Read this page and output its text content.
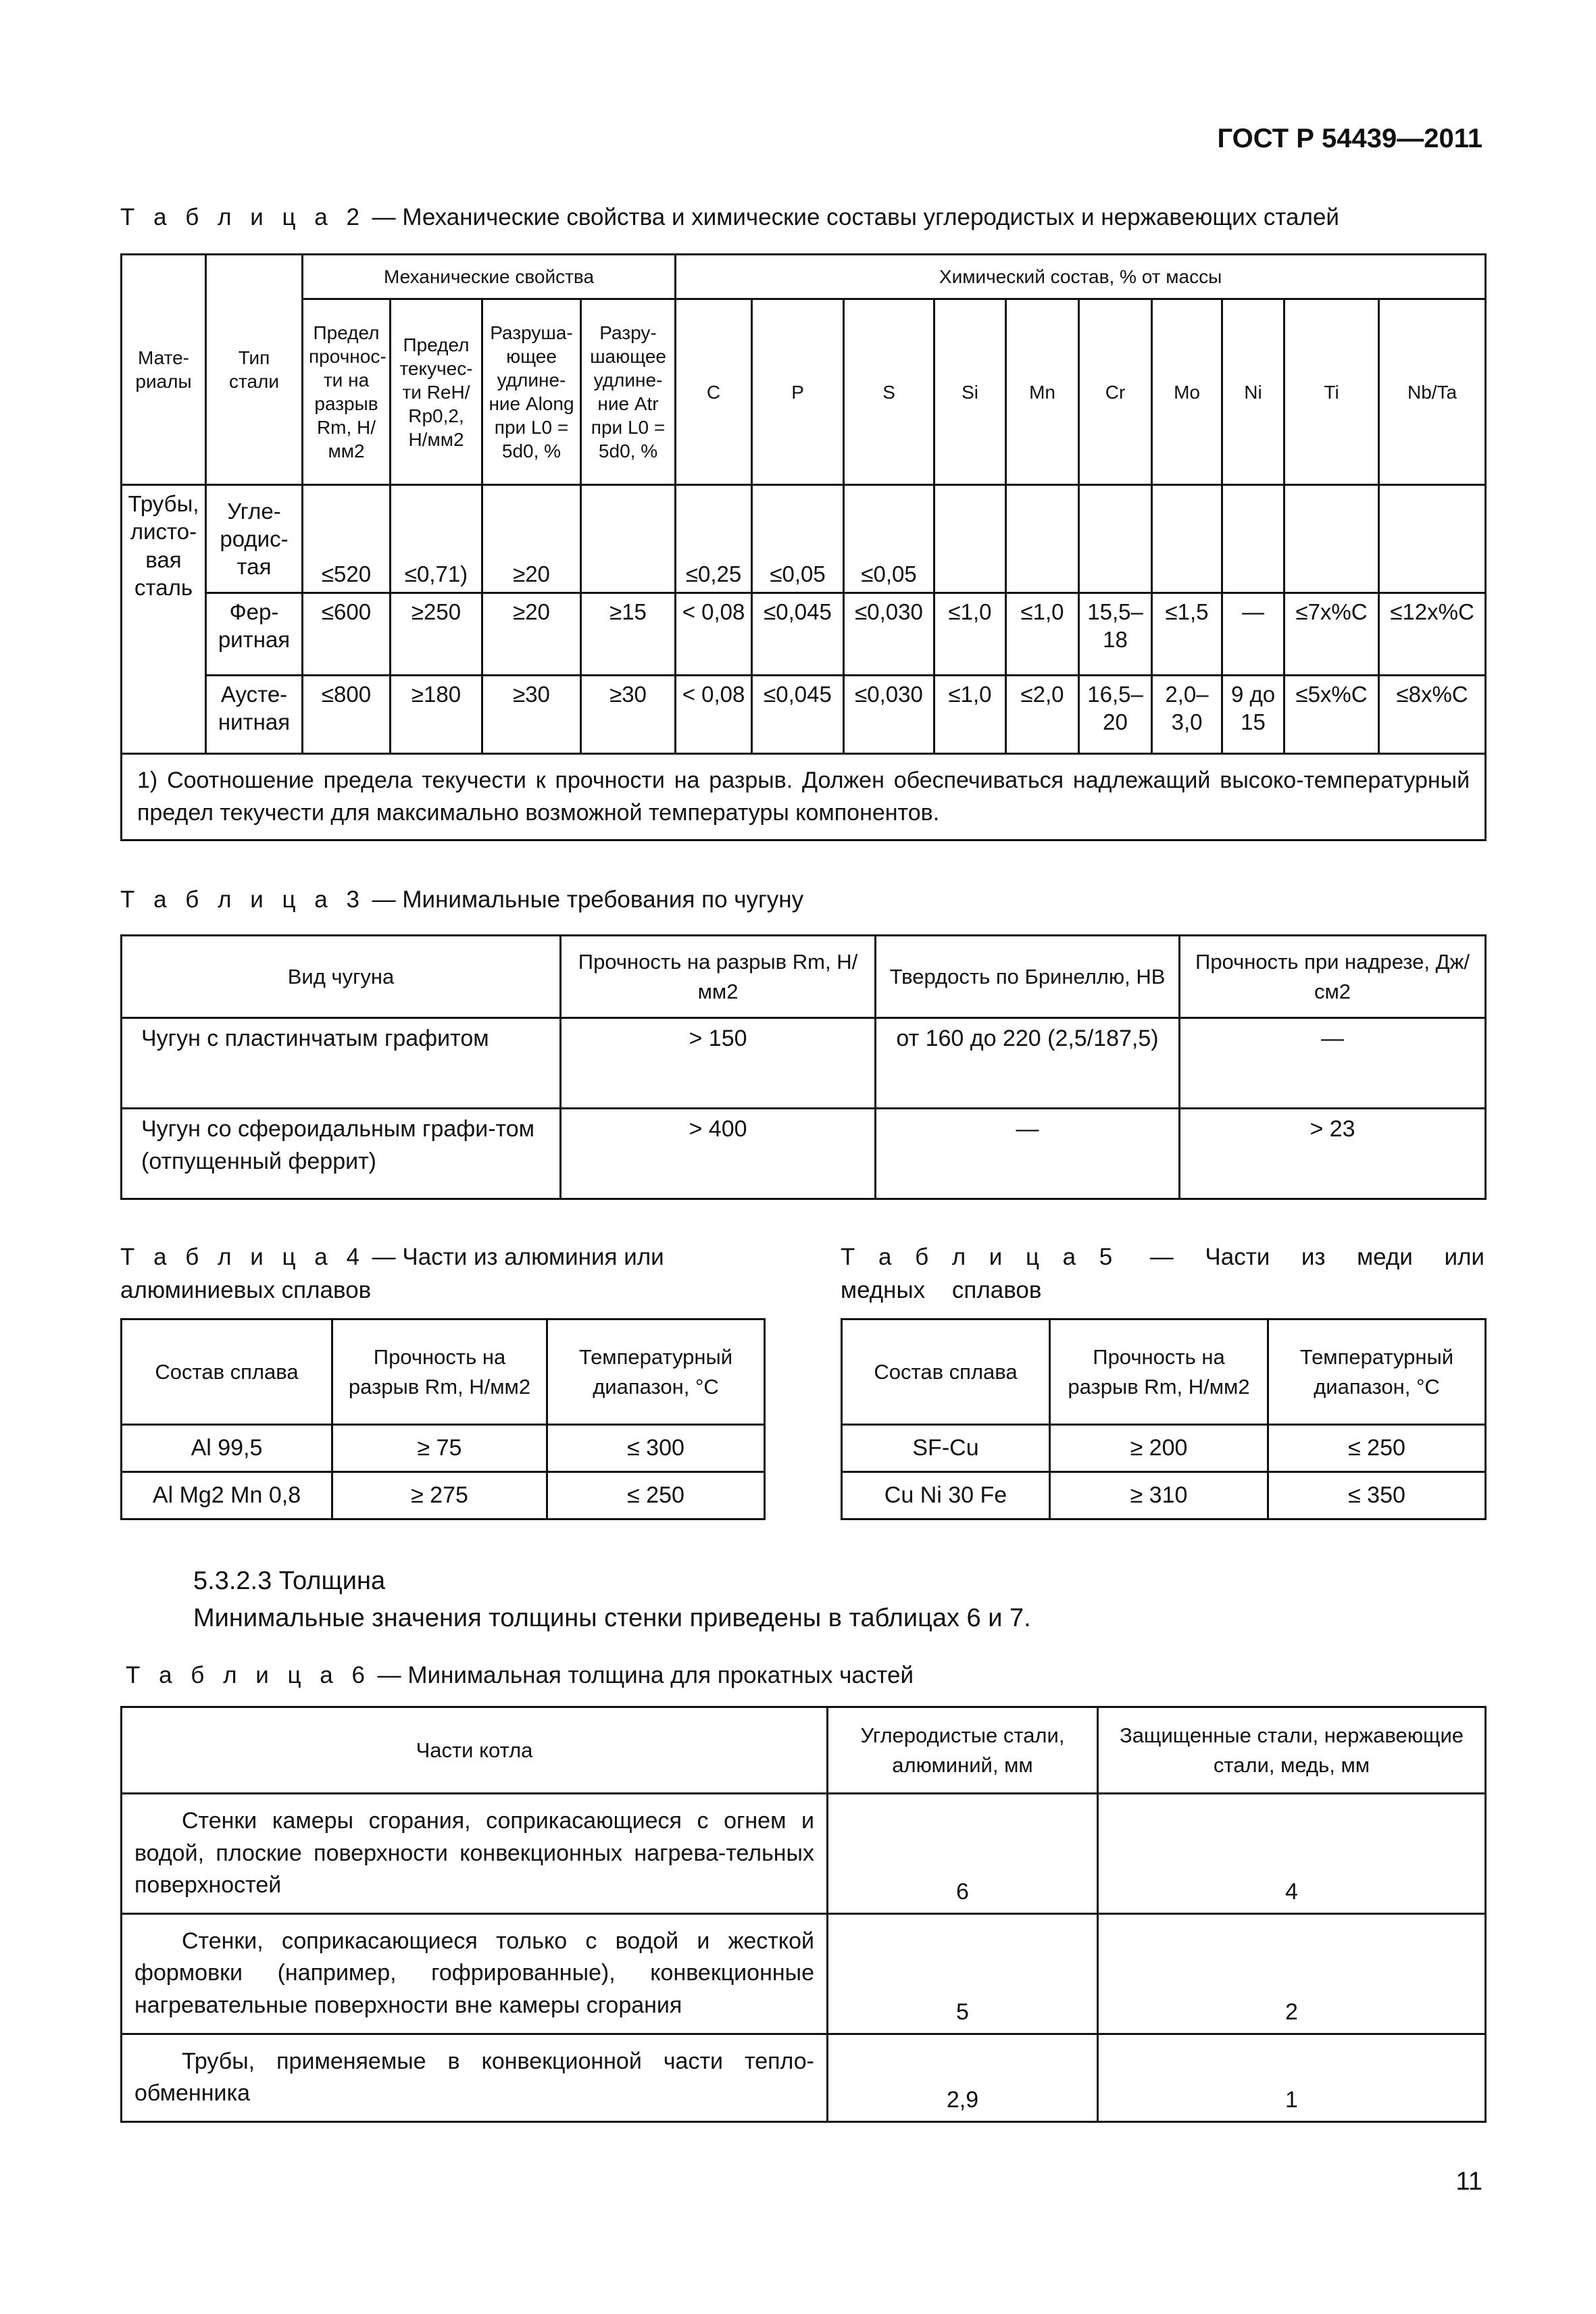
ГОСТ Р 54439—2011
Т а б л и ц а 2 — Механические свойства и химические составы углеродистых и нержавеющих сталей
Мате-риалы	Тип стали	Механические свойства				Химический состав, % от массы									
		Предел прочнос-ти на разрыв Rm, Н/мм2	Предел текучес-ти ReH/ Rp0,2, Н/мм2	Разруша-ющее удлине-ние Along при L0 = 5d0, %	Разру-шающее удлине-ние Atr при L0 = 5d0, %	C	P	S	Si	Mn	Cr	Mo	Ni	Ti	Nb/Ta
Трубы, листо-вая сталь	Угле-родис-тая	≤520	≤0,71)	≥20		≤0,25	≤0,05	≤0,05							
	Фер-ритная	≤600	≥250	≥20	≥15	< 0,08	≤0,045	≤0,030	≤1,0	≤1,0	15,5–18	≤1,5	—	≤7x%C	≤12x%C
	Аусте-нитная	≤800	≥180	≥30	≥30	< 0,08	≤0,045	≤0,030	≤1,0	≤2,0	16,5–20	2,0–3,0	9 до 15	≤5x%C	≤8x%C
1) Соотношение предела текучести к прочности на разрыв. Должен обеспечиваться надлежащий высоко-температурный предел текучести для максимально возможной температуры компонентов.															
Т а б л и ц а 3 — Минимальные требования по чугуну
Вид чугуна	Прочность на разрыв Rm, Н/мм2	Твердость по Бринеллю, HB	Прочность при надрезе, Дж/см2
Чугун с пластинчатым графитом	> 150	от 160 до 220 (2,5/187,5)	—
Чугун со сфероидальным графи-том (отпущенный феррит)	> 400	—	> 23
Т а б л и ц а 4 — Части из алюминия или алюминиевых сплавов
Состав сплава	Прочность на разрыв Rm, Н/мм2	Температурный диапазон, °С
Al 99,5	≥ 75	≤ 300
Al Mg2 Mn 0,8	≥ 275	≤ 250
Т а б л и ц а 5 — Части из меди или медных сплавов
Состав сплава	Прочность на разрыв Rm, Н/мм2	Температурный диапазон, °С
SF-Cu	≥ 200	≤ 250
Cu Ni 30 Fe	≥ 310	≤ 350
5.3.2.3 Толщина
Минимальные значения толщины стенки приведены в таблицах 6 и 7.
Т а б л и ц а 6 — Минимальная толщина для прокатных частей
Части котла	Углеродистые стали, алюминий, мм	Защищенные стали, нержавеющие стали, медь, мм
Стенки камеры сгорания, соприкасающиеся с огнем и водой, плоские поверхности конвекционных нагрева-тельных поверхностей	6	4
Стенки, соприкасающиеся только с водой и жесткой формовки (например, гофрированные), конвекционные нагревательные поверхности вне камеры сгорания	5	2
Трубы, применяемые в конвекционной части тепло-обменника	2,9	1
11
